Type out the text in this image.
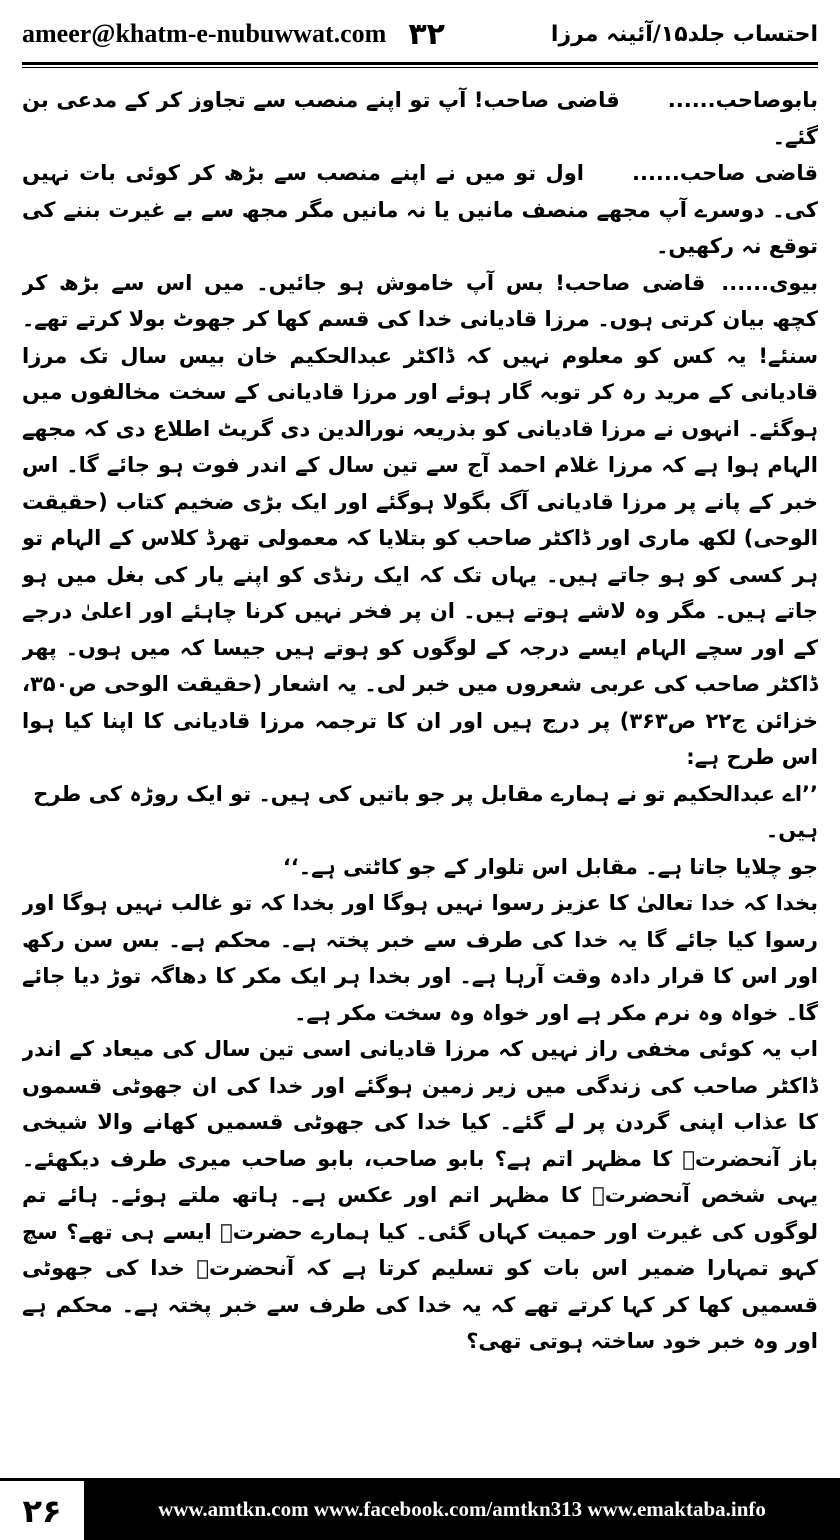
ameer@khatm-e-nubuwwat.com ۳۲	احتساب جلد۱۵/آئینہ مرزا

بابوصاحب......قاضی صاحب! آپ تو اپنے منصب سے تجاوز کر کے مدعی بن گئے۔

قاضی صاحب......اول تو میں نے اپنے منصب سے بڑھ کر کوئی بات نہیں کی۔ دوسرے آپ مجھے منصف مانیں یا نہ مانیں مگر مجھ سے بے غیرت بننے کی توقع نہ رکھیں۔

بیوی......قاضی صاحب! بس آپ خاموش ہو جائیں۔ میں اس سے بڑھ کر کچھ بیان کرتی ہوں۔ مرزا قادیانی خدا کی قسم کھا کر جھوٹ بولا کرتے تھے۔ سنئے! یہ کس کو معلوم نہیں کہ ڈاکٹر عبدالحکیم خان بیس سال تک مرزا قادیانی کے مرید رہ کر توبہ گار ہوئے اور مرزا قادیانی کے سخت مخالفوں میں ہوگئے۔ انہوں نے مرزا قادیانی کو بذریعہ نورالدین دی گریٹ اطلاع دی کہ مجھے الہام ہوا ہے کہ مرزا غلام احمد آج سے تین سال کے اندر فوت ہو جائے گا۔ اس خبر کے پانے پر مرزا قادیانی آگ بگولا ہوگئے اور ایک بڑی ضخیم کتاب (حقیقت الوحی) لکھ ماری اور ڈاکٹر صاحب کو بتلایا کہ معمولی تھرڈ کلاس کے الہام تو ہر کسی کو ہو جاتے ہیں۔ یہاں تک کہ ایک رنڈی کو اپنے یار کی بغل میں ہو جاتے ہیں۔ مگر وہ لاشے ہوتے ہیں۔ ان پر فخر نہیں کرنا چاہئے اور اعلیٰ درجے کے اور سچے الہام ایسے درجہ کے لوگوں کو ہوتے ہیں جیسا کہ میں ہوں۔ پھر ڈاکٹر صاحب کی عربی شعروں میں خبر لی۔ یہ اشعار (حقیقت الوحی ص۳۵۰، خزائن ج۲۲ ص۳۶۳) پر درج ہیں اور ان کا ترجمہ مرزا قادیانی کا اپنا کیا ہوا اس طرح ہے:

’’اے عبدالحکیم تو نے ہمارے مقابل پر جو باتیں کی ہیں۔ تو ایک روڑہ کی طرح ہیں۔

جو چلایا جاتا ہے۔ مقابل اس تلوار کے جو کاٹتی ہے۔‘‘

بخدا کہ خدا تعالیٰ کا عزیز رسوا نہیں ہوگا اور بخدا کہ تو غالب نہیں ہوگا اور رسوا کیا جائے گا یہ خدا کی طرف سے خبر پختہ ہے۔ محکم ہے۔ بس سن رکھ اور اس کا قرار دادہ وقت آرہا ہے۔ اور بخدا ہر ایک مکر کا دھاگہ توڑ دیا جائے گا۔ خواہ وہ نرم مکر ہے اور خواہ وہ سخت مکر ہے۔

اب یہ کوئی مخفی راز نہیں کہ مرزا قادیانی اسی تین سال کی میعاد کے اندر ڈاکٹر صاحب کی زندگی میں زیر زمین ہوگئے اور خدا کی ان جھوٹی قسموں کا عذاب اپنی گردن پر لے گئے۔ کیا خدا کی جھوٹی قسمیں کھانے والا شیخی باز آنحضرتؐ کا مظہر اتم ہے؟ بابو صاحب، بابو صاحب میری طرف دیکھئے۔ یہی شخص آنحضرتؐ کا مظہر اتم اور عکس ہے۔ ہاتھ ملتے ہوئے۔ ہائے تم لوگوں کی غیرت اور حمیت کہاں گئی۔ کیا ہمارے حضرتؐ ایسے ہی تھے؟ سچ کہو تمہارا ضمیر اس بات کو تسلیم کرتا ہے کہ آنحضرتؐ خدا کی جھوٹی قسمیں کھا کر کہا کرتے تھے کہ یہ خدا کی طرف سے خبر پختہ ہے۔ محکم ہے اور وہ خبر خود ساختہ ہوتی تھی؟

۲۶	www.amtkn.com www.facebook.com/amtkn313 www.emaktaba.info
